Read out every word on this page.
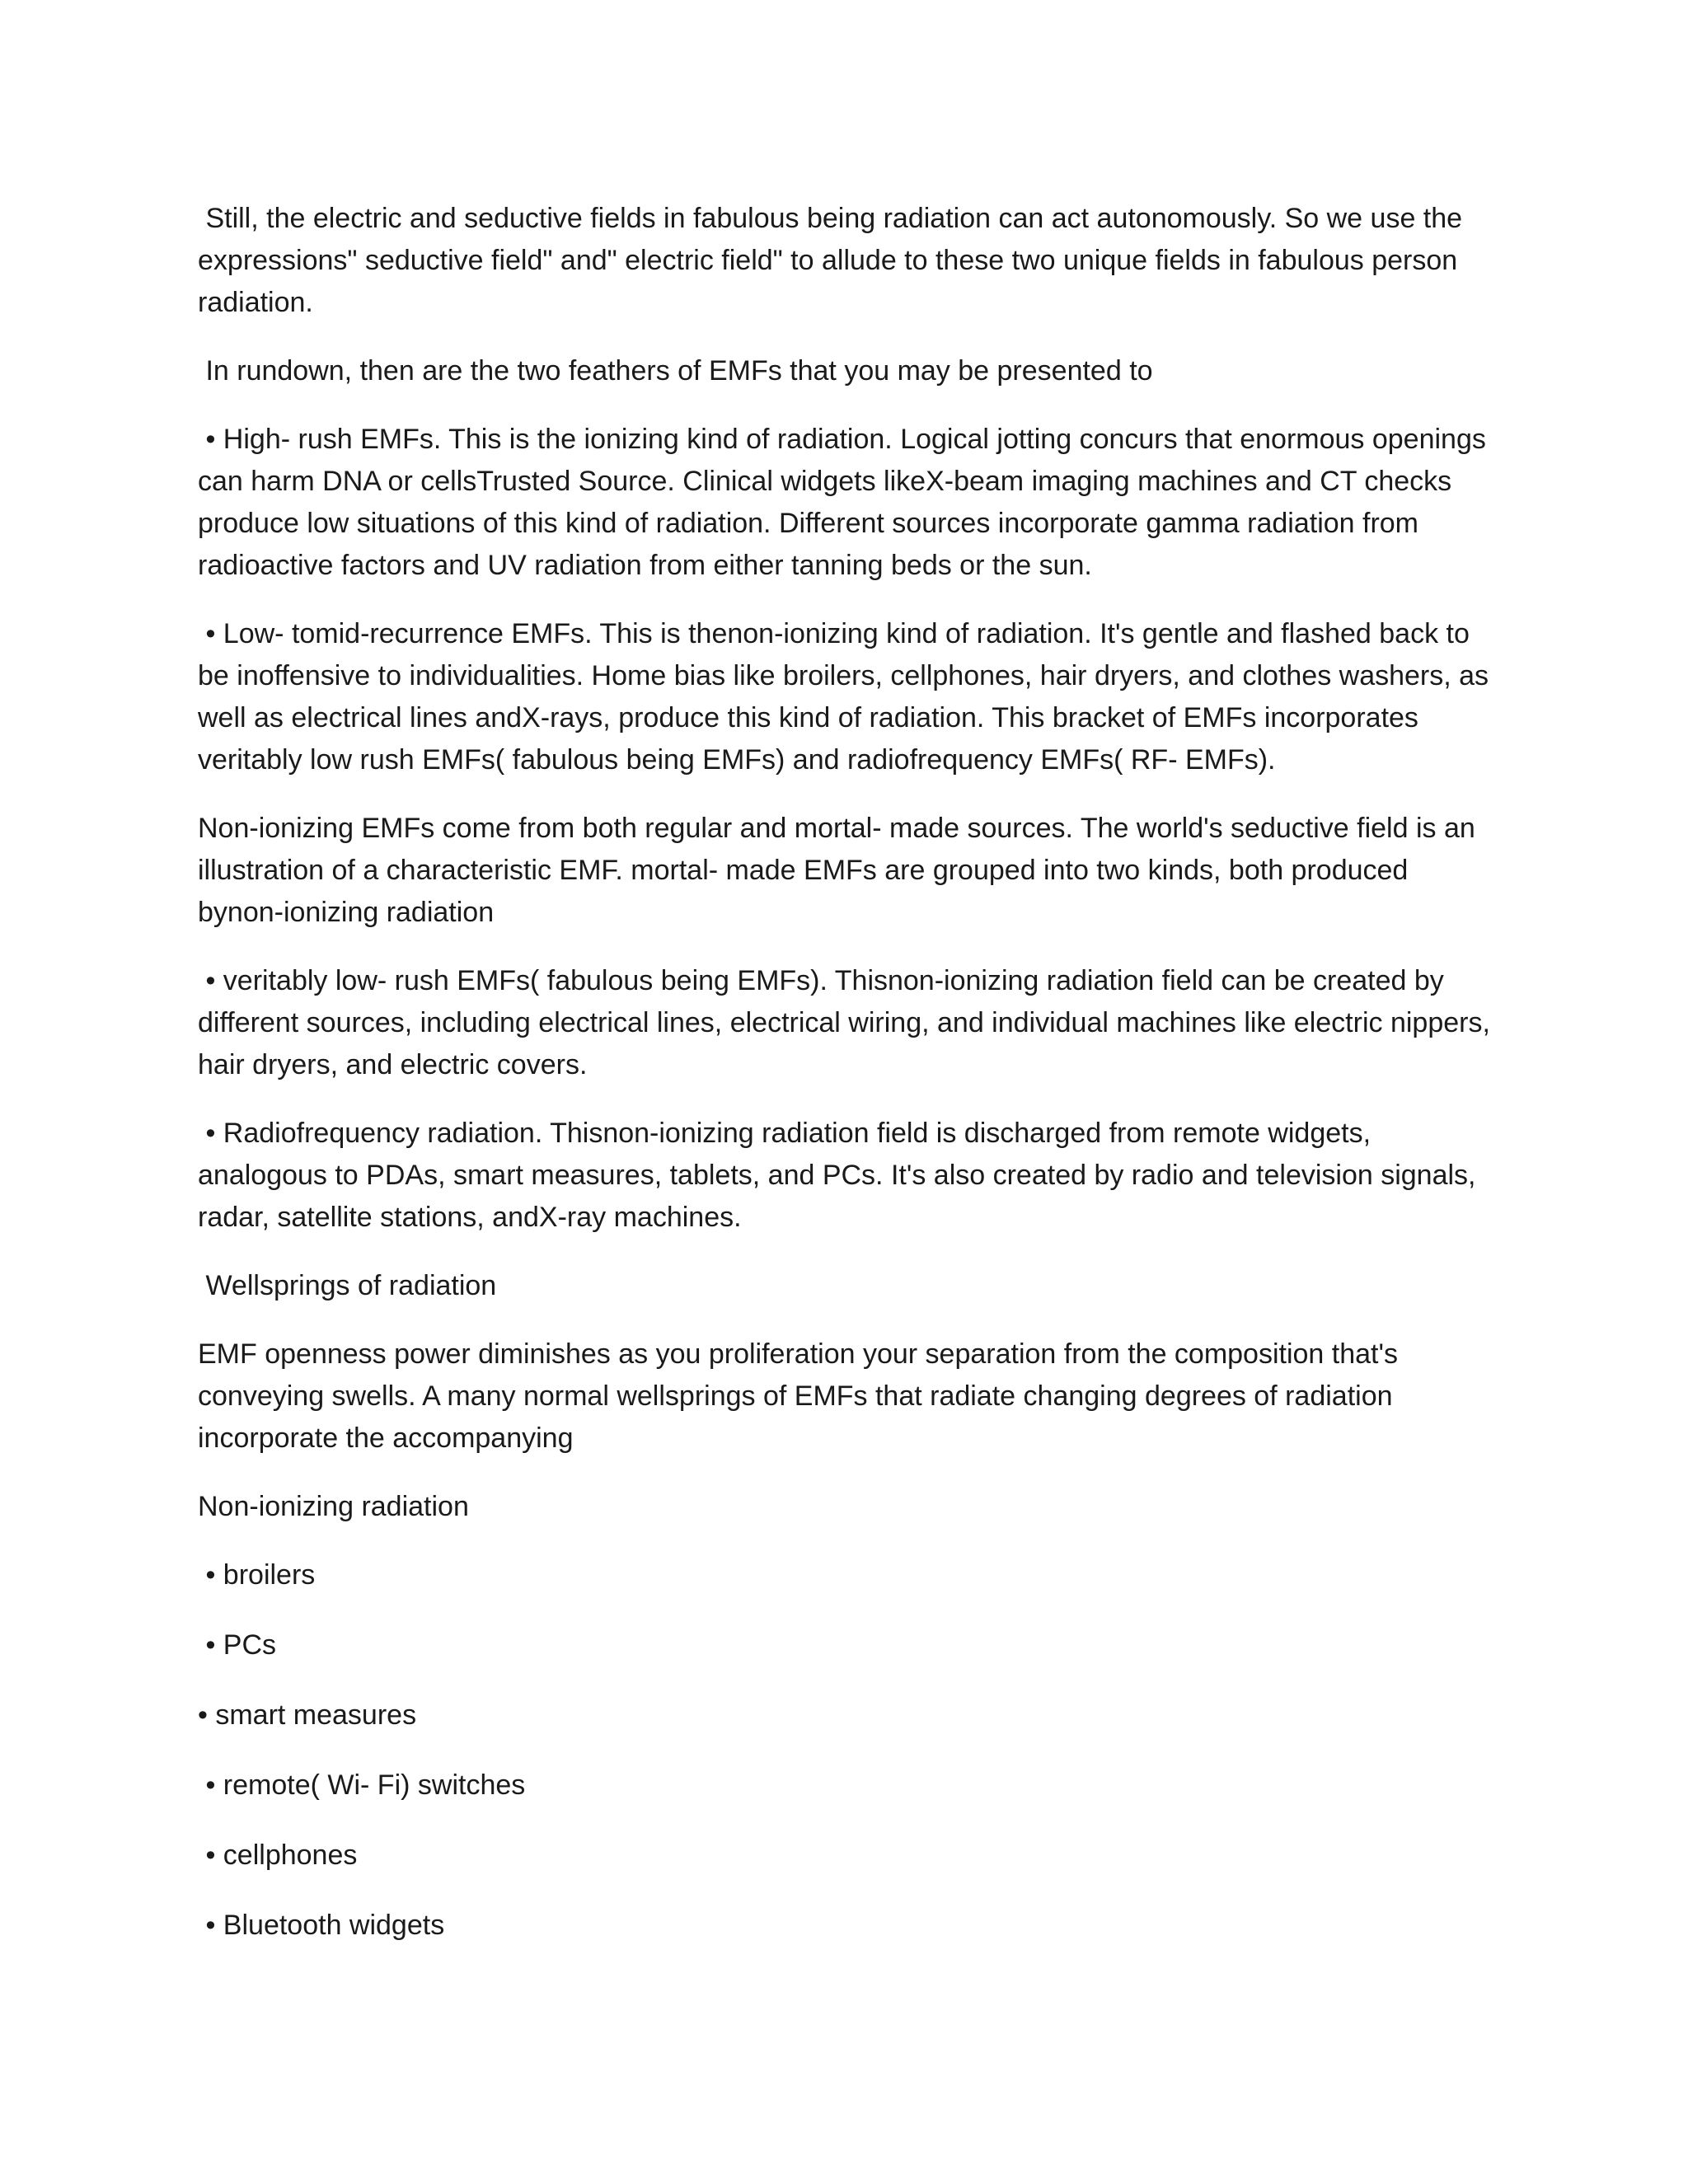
Still, the electric and seductive fields in fabulous being radiation can act autonomously. So we use the expressions" seductive field" and" electric field" to allude to these two unique fields in fabulous person radiation.

In rundown, then are the two feathers of EMFs that you may be presented to

• High- rush EMFs. This is the ionizing kind of radiation. Logical jotting concurs that enormous openings can harm DNA or cellsTrusted Source. Clinical widgets likeX-beam imaging machines and CT checks produce low situations of this kind of radiation. Different sources incorporate gamma radiation from radioactive factors and UV radiation from either tanning beds or the sun.

• Low- tomid-recurrence EMFs. This is thenon-ionizing kind of radiation. It's gentle and flashed back to be inoffensive to individualities. Home bias like broilers, cellphones, hair dryers, and clothes washers, as well as electrical lines andX-rays, produce this kind of radiation. This bracket of EMFs incorporates veritably low rush EMFs( fabulous being EMFs) and radiofrequency EMFs( RF- EMFs).

Non-ionizing EMFs come from both regular and mortal- made sources. The world's seductive field is an illustration of a characteristic EMF. mortal- made EMFs are grouped into two kinds, both produced bynon-ionizing radiation

• veritably low- rush EMFs( fabulous being EMFs). Thisnon-ionizing radiation field can be created by different sources, including electrical lines, electrical wiring, and individual machines like electric nippers, hair dryers, and electric covers.

• Radiofrequency radiation. Thisnon-ionizing radiation field is discharged from remote widgets, analogous to PDAs, smart measures, tablets, and PCs. It's also created by radio and television signals, radar, satellite stations, andX-ray machines.

Wellsprings of radiation

EMF openness power diminishes as you proliferation your separation from the composition that's conveying swells. A many normal wellsprings of EMFs that radiate changing degrees of radiation incorporate the accompanying

Non-ionizing radiation

• broilers

• PCs

• smart measures

• remote( Wi- Fi) switches

• cellphones

• Bluetooth widgets
